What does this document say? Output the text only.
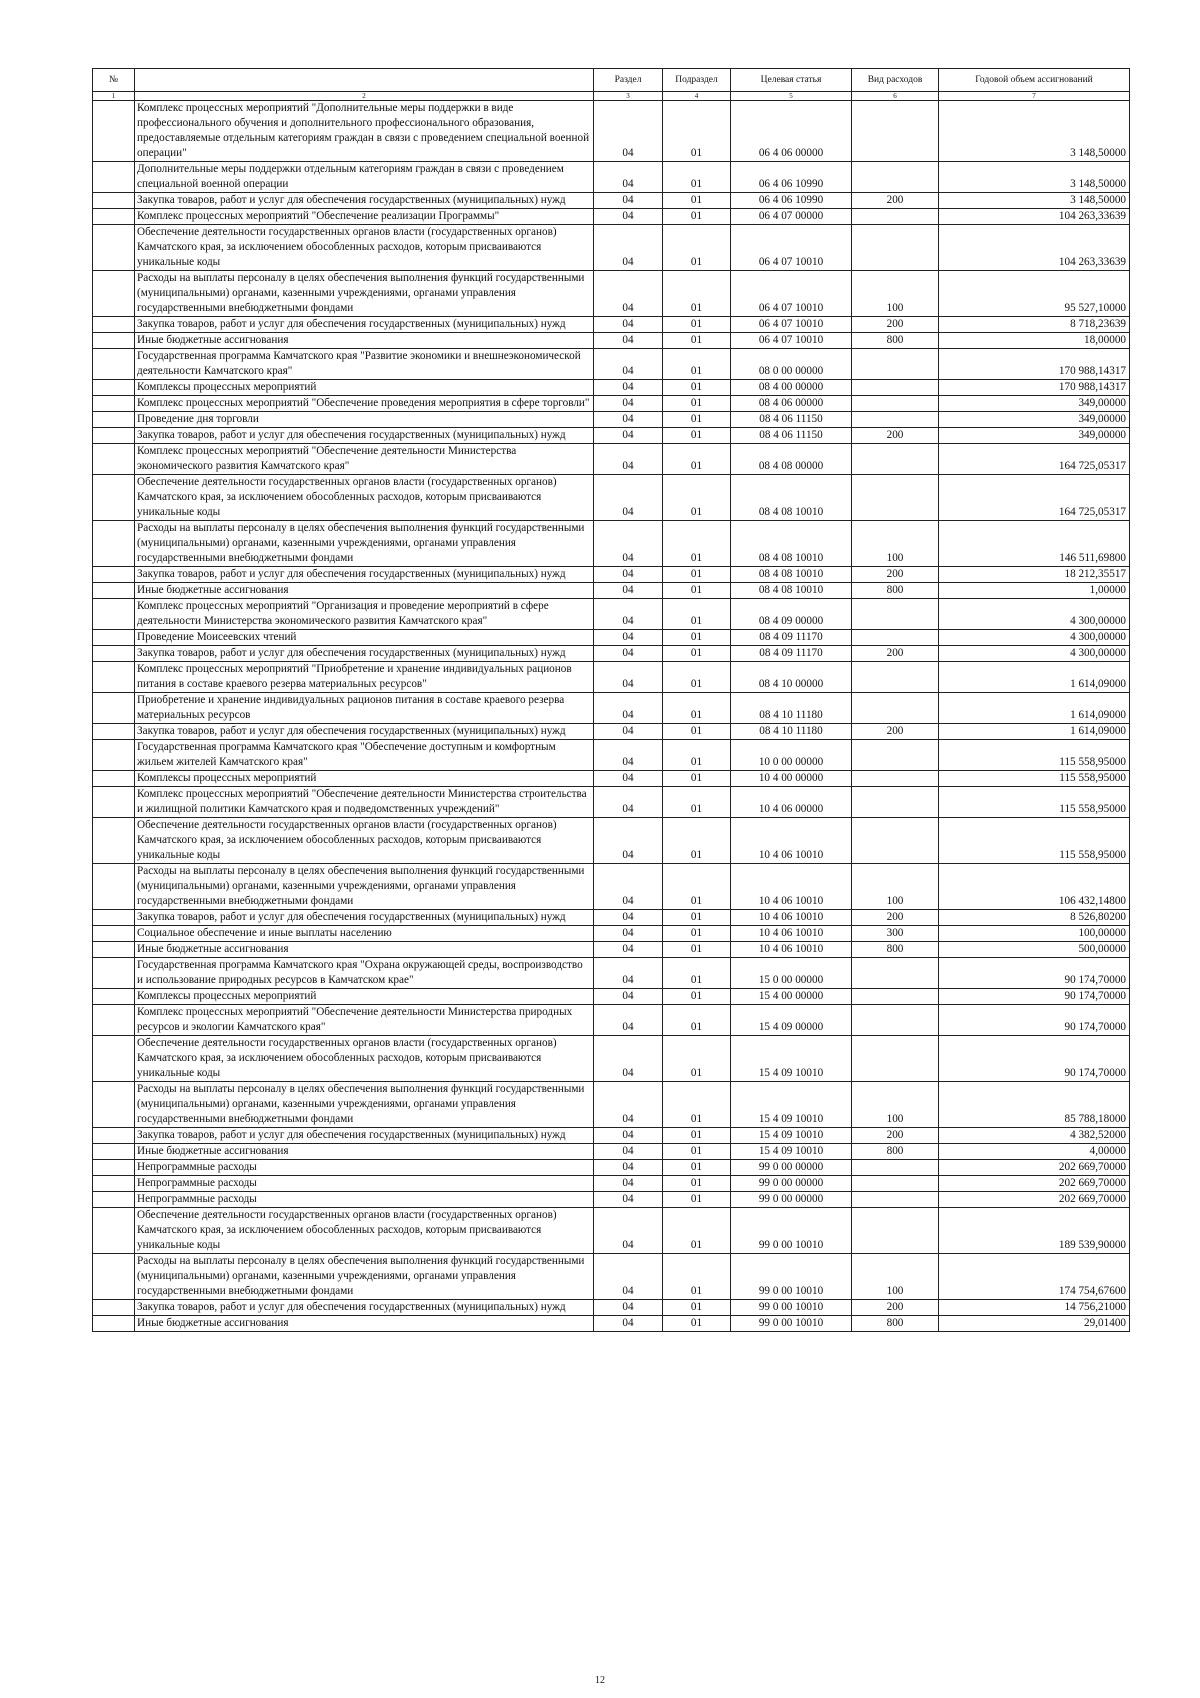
№		Раздел	Подраздел	Целевая статья	Вид расходов	Годовой объем ассигнований
1	2	3	4	5	6	7
	Комплекс процессных мероприятий "Дополнительные меры поддержки в виде профессионального обучения и дополнительного профессионального образования, предоставляемые отдельным категориям граждан в связи с проведением специальной военной операции"	04	01	06 4 06 00000		3 148,50000
	Дополнительные меры поддержки отдельным категориям граждан в связи с проведением специальной военной операции	04	01	06 4 06 10990		3 148,50000
	Закупка товаров, работ и услуг для обеспечения государственных (муниципальных) нужд	04	01	06 4 06 10990	200	3 148,50000
	Комплекс процессных мероприятий "Обеспечение реализации Программы"	04	01	06 4 07 00000		104 263,33639
	Обеспечение деятельности государственных органов власти (государственных органов) Камчатского края, за исключением обособленных расходов, которым присваиваются уникальные коды	04	01	06 4 07 10010		104 263,33639
	Расходы на выплаты персоналу в целях обеспечения выполнения функций государственными (муниципальными) органами, казенными учреждениями, органами управления государственными внебюджетными фондами	04	01	06 4 07 10010	100	95 527,10000
	Закупка товаров, работ и услуг для обеспечения государственных (муниципальных) нужд	04	01	06 4 07 10010	200	8 718,23639
	Иные бюджетные ассигнования	04	01	06 4 07 10010	800	18,00000
	Государственная программа Камчатского края "Развитие экономики и внешнеэкономической деятельности Камчатского края"	04	01	08 0 00 00000		170 988,14317
	Комплексы процессных мероприятий	04	01	08 4 00 00000		170 988,14317
	Комплекс процессных мероприятий "Обеспечение проведения мероприятия в сфере торговли"	04	01	08 4 06 00000		349,00000
	Проведение дня торговли	04	01	08 4 06 11150		349,00000
	Закупка товаров, работ и услуг для обеспечения государственных (муниципальных) нужд	04	01	08 4 06 11150	200	349,00000
	Комплекс процессных мероприятий "Обеспечение деятельности Министерства экономического развития Камчатского края"	04	01	08 4 08 00000		164 725,05317
	Обеспечение деятельности государственных органов власти (государственных органов) Камчатского края, за исключением обособленных расходов, которым присваиваются уникальные коды	04	01	08 4 08 10010		164 725,05317
	Расходы на выплаты персоналу в целях обеспечения выполнения функций государственными (муниципальными) органами, казенными учреждениями, органами управления государственными внебюджетными фондами	04	01	08 4 08 10010	100	146 511,69800
	Закупка товаров, работ и услуг для обеспечения государственных (муниципальных) нужд	04	01	08 4 08 10010	200	18 212,35517
	Иные бюджетные ассигнования	04	01	08 4 08 10010	800	1,00000
	Комплекс процессных мероприятий "Организация и проведение мероприятий в сфере деятельности Министерства экономического развития Камчатского края"	04	01	08 4 09 00000		4 300,00000
	Проведение Моисеевских чтений	04	01	08 4 09 11170		4 300,00000
	Закупка товаров, работ и услуг для обеспечения государственных (муниципальных) нужд	04	01	08 4 09 11170	200	4 300,00000
	Комплекс процессных мероприятий "Приобретение и хранение индивидуальных рационов питания в составе краевого резерва материальных ресурсов"	04	01	08 4 10 00000		1 614,09000
	Приобретение и хранение индивидуальных рационов питания в составе краевого резерва материальных ресурсов	04	01	08 4 10 11180		1 614,09000
	Закупка товаров, работ и услуг для обеспечения государственных (муниципальных) нужд	04	01	08 4 10 11180	200	1 614,09000
	Государственная программа Камчатского края "Обеспечение доступным и комфортным жильем жителей Камчатского края"	04	01	10 0 00 00000		115 558,95000
	Комплексы процессных мероприятий	04	01	10 4 00 00000		115 558,95000
	Комплекс процессных мероприятий "Обеспечение деятельности Министерства строительства и жилищной политики Камчатского края и подведомственных учреждений"	04	01	10 4 06 00000		115 558,95000
	Обеспечение деятельности государственных органов власти (государственных органов) Камчатского края, за исключением обособленных расходов, которым присваиваются уникальные коды	04	01	10 4 06 10010		115 558,95000
	Расходы на выплаты персоналу в целях обеспечения выполнения функций государственными (муниципальными) органами, казенными учреждениями, органами управления государственными внебюджетными фондами	04	01	10 4 06 10010	100	106 432,14800
	Закупка товаров, работ и услуг для обеспечения государственных (муниципальных) нужд	04	01	10 4 06 10010	200	8 526,80200
	Социальное обеспечение и иные выплаты населению	04	01	10 4 06 10010	300	100,00000
	Иные бюджетные ассигнования	04	01	10 4 06 10010	800	500,00000
	Государственная программа Камчатского края "Охрана окружающей среды, воспроизводство и использование природных ресурсов в Камчатском крае"	04	01	15 0 00 00000		90 174,70000
	Комплексы процессных мероприятий	04	01	15 4 00 00000		90 174,70000
	Комплекс процессных мероприятий "Обеспечение деятельности Министерства природных ресурсов и экологии Камчатского края"	04	01	15 4 09 00000		90 174,70000
	Обеспечение деятельности государственных органов власти (государственных органов) Камчатского края, за исключением обособленных расходов, которым присваиваются уникальные коды	04	01	15 4 09 10010		90 174,70000
	Расходы на выплаты персоналу в целях обеспечения выполнения функций государственными (муниципальными) органами, казенными учреждениями, органами управления государственными внебюджетными фондами	04	01	15 4 09 10010	100	85 788,18000
	Закупка товаров, работ и услуг для обеспечения государственных (муниципальных) нужд	04	01	15 4 09 10010	200	4 382,52000
	Иные бюджетные ассигнования	04	01	15 4 09 10010	800	4,00000
	Непрограммные расходы	04	01	99 0 00 00000		202 669,70000
	Непрограммные расходы	04	01	99 0 00 00000		202 669,70000
	Непрограммные расходы	04	01	99 0 00 00000		202 669,70000
	Обеспечение деятельности государственных органов власти (государственных органов) Камчатского края, за исключением обособленных расходов, которым присваиваются уникальные коды	04	01	99 0 00 10010		189 539,90000
	Расходы на выплаты персоналу в целях обеспечения выполнения функций государственными (муниципальными) органами, казенными учреждениями, органами управления государственными внебюджетными фондами	04	01	99 0 00 10010	100	174 754,67600
	Закупка товаров, работ и услуг для обеспечения государственных (муниципальных) нужд	04	01	99 0 00 10010	200	14 756,21000
	Иные бюджетные ассигнования	04	01	99 0 00 10010	800	29,01400
12
